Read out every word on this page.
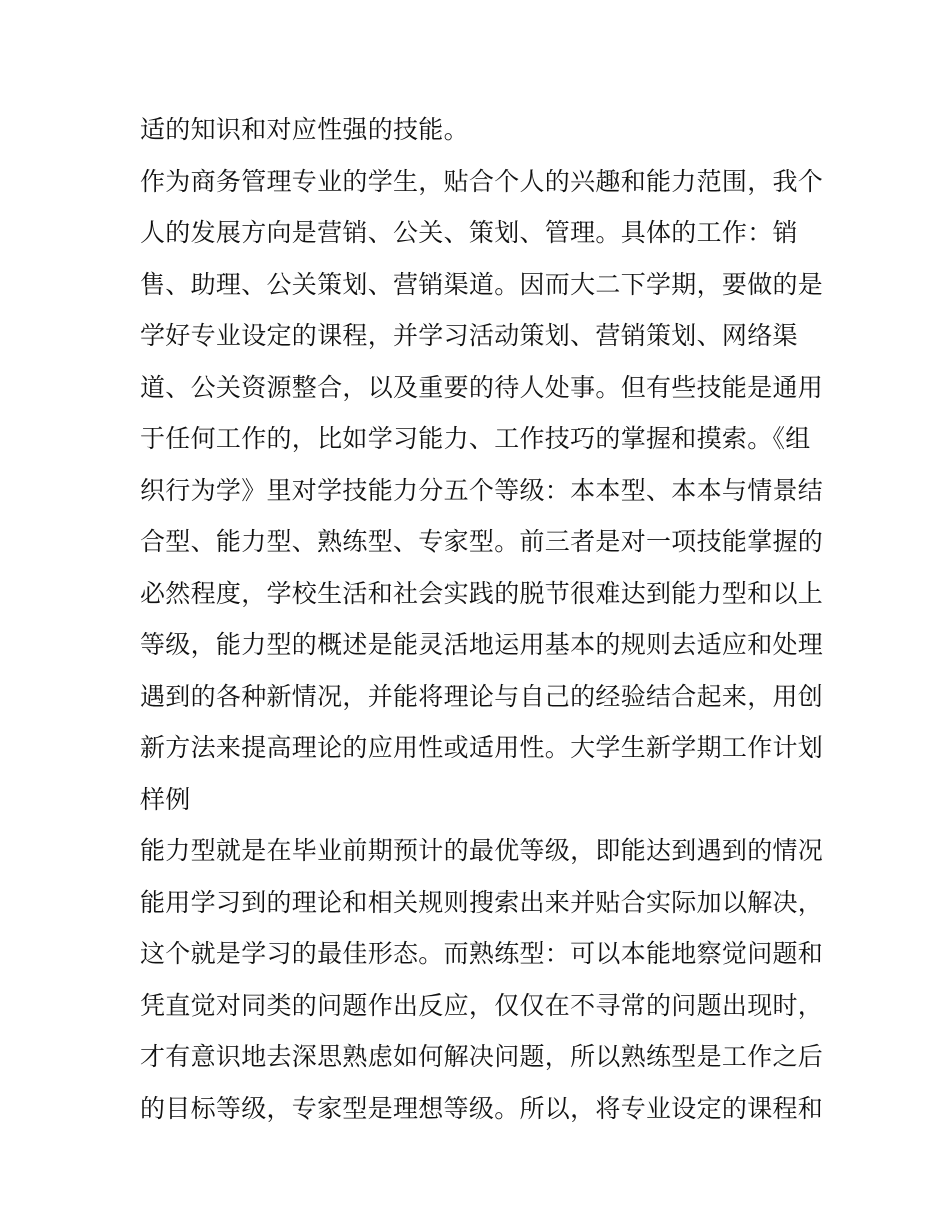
适的知识和对应性强的技能。
作为商务管理专业的学生，贴合个人的兴趣和能力范围，我个
人的发展方向是营销、公关、策划、管理。具体的工作：销
售、助理、公关策划、营销渠道。因而大二下学期，要做的是
学好专业设定的课程，并学习活动策划、营销策划、网络渠
道、公关资源整合，以及重要的待人处事。但有些技能是通用
于任何工作的，比如学习能力、工作技巧的掌握和摸索。《组
织行为学》里对学技能力分五个等级：本本型、本本与情景结
合型、能力型、熟练型、专家型。前三者是对一项技能掌握的
必然程度，学校生活和社会实践的脱节很难达到能力型和以上
等级，能力型的概述是能灵活地运用基本的规则去适应和处理
遇到的各种新情况，并能将理论与自己的经验结合起来，用创
新方法来提高理论的应用性或适用性。大学生新学期工作计划
样例
能力型就是在毕业前期预计的最优等级，即能达到遇到的情况
能用学习到的理论和相关规则搜索出来并贴合实际加以解决，
这个就是学习的最佳形态。而熟练型：可以本能地察觉问题和
凭直觉对同类的问题作出反应，仅仅在不寻常的问题出现时，
才有意识地去深思熟虑如何解决问题，所以熟练型是工作之后
的目标等级，专家型是理想等级。所以，将专业设定的课程和
